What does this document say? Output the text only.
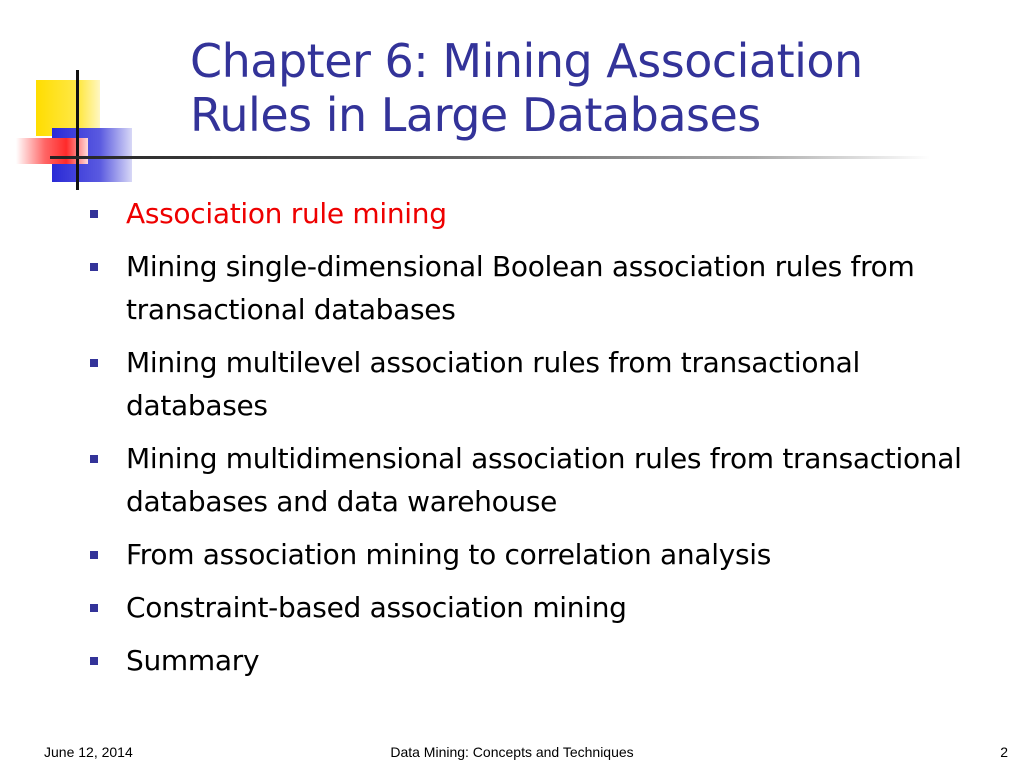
Chapter 6: Mining Association
Rules in Large Databases
Association rule mining
Mining single-dimensional Boolean association rules from transactional databases
Mining multilevel association rules from transactional databases
Mining multidimensional association rules from transactional databases and data warehouse
From association mining to correlation analysis
Constraint-based association mining
Summary
June 12, 2014	Data Mining: Concepts and Techniques	2
